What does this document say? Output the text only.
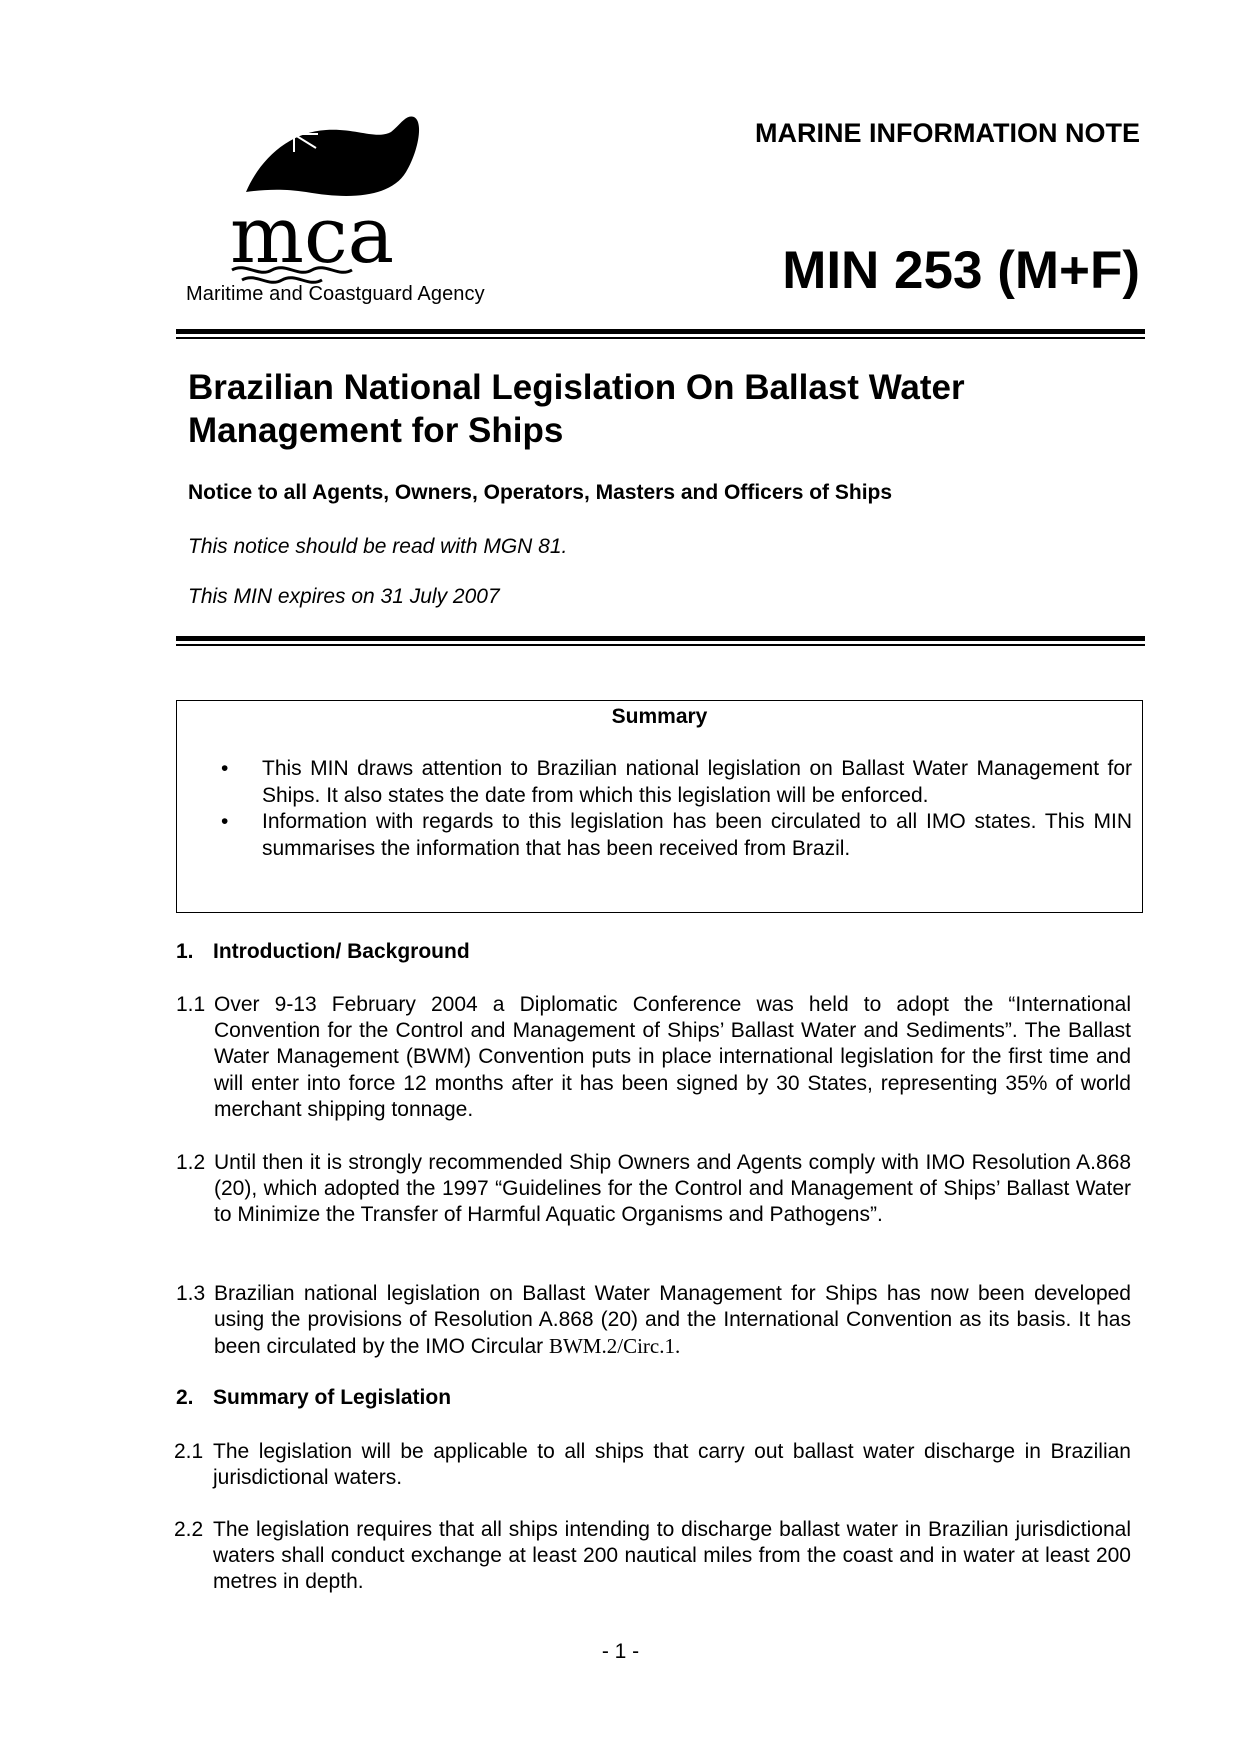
mca
Maritime and Coastguard Agency
MARINE INFORMATION NOTE
MIN 253 (M+F)
Brazilian National Legislation On Ballast Water Management for Ships
Notice to all Agents, Owners, Operators, Masters and Officers of Ships
This notice should be read with MGN 81.
This MIN expires on 31 July 2007
Summary
• This MIN draws attention to Brazilian national legislation on Ballast Water Management for Ships. It also states the date from which this legislation will be enforced.
• Information with regards to this legislation has been circulated to all IMO states. This MIN summarises the information that has been received from Brazil.
1. Introduction/ Background
1.1 Over 9-13 February 2004 a Diplomatic Conference was held to adopt the “International Convention for the Control and Management of Ships’ Ballast Water and Sediments”. The Ballast Water Management (BWM) Convention puts in place international legislation for the first time and will enter into force 12 months after it has been signed by 30 States, representing 35% of world merchant shipping tonnage.
1.2 Until then it is strongly recommended Ship Owners and Agents comply with IMO Resolution A.868 (20), which adopted the 1997 “Guidelines for the Control and Management of Ships’ Ballast Water to Minimize the Transfer of Harmful Aquatic Organisms and Pathogens”.
1.3 Brazilian national legislation on Ballast Water Management for Ships has now been developed using the provisions of Resolution A.868 (20) and the International Convention as its basis. It has been circulated by the IMO Circular BWM.2/Circ.1.
2. Summary of Legislation
2.1 The legislation will be applicable to all ships that carry out ballast water discharge in Brazilian jurisdictional waters.
2.2 The legislation requires that all ships intending to discharge ballast water in Brazilian jurisdictional waters shall conduct exchange at least 200 nautical miles from the coast and in water at least 200 metres in depth.
- 1 -
